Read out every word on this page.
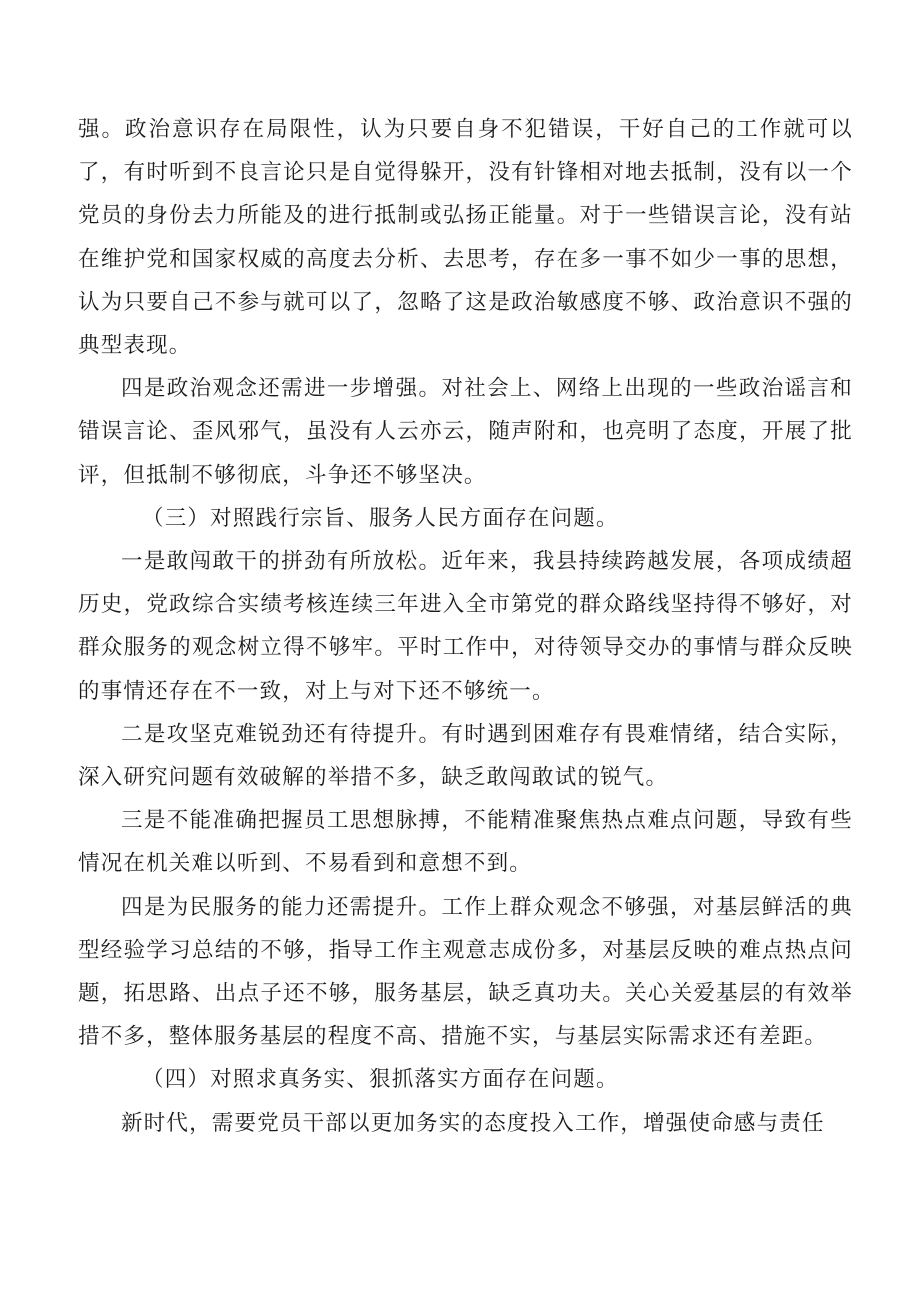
强。政治意识存在局限性，认为只要自身不犯错误，干好自己的工作就可以了，有时听到不良言论只是自觉得躲开，没有针锋相对地去抵制，没有以一个党员的身份去力所能及的进行抵制或弘扬正能量。对于一些错误言论，没有站在维护党和国家权威的高度去分析、去思考，存在多一事不如少一事的思想，认为只要自己不参与就可以了，忽略了这是政治敏感度不够、政治意识不强的典型表现。

四是政治观念还需进一步增强。对社会上、网络上出现的一些政治谣言和错误言论、歪风邪气，虽没有人云亦云，随声附和，也亮明了态度，开展了批评，但抵制不够彻底，斗争还不够坚决。

（三）对照践行宗旨、服务人民方面存在问题。

一是敢闯敢干的拼劲有所放松。近年来，我县持续跨越发展，各项成绩超历史，党政综合实绩考核连续三年进入全市第党的群众路线坚持得不够好，对群众服务的观念树立得不够牢。平时工作中，对待领导交办的事情与群众反映的事情还存在不一致，对上与对下还不够统一。

二是攻坚克难锐劲还有待提升。有时遇到困难存有畏难情绪，结合实际，深入研究问题有效破解的举措不多，缺乏敢闯敢试的锐气。

三是不能准确把握员工思想脉搏，不能精准聚焦热点难点问题，导致有些情况在机关难以听到、不易看到和意想不到。

四是为民服务的能力还需提升。工作上群众观念不够强，对基层鲜活的典型经验学习总结的不够，指导工作主观意志成份多，对基层反映的难点热点问题，拓思路、出点子还不够，服务基层，缺乏真功夫。关心关爱基层的有效举措不多，整体服务基层的程度不高、措施不实，与基层实际需求还有差距。

（四）对照求真务实、狠抓落实方面存在问题。

新时代，需要党员干部以更加务实的态度投入工作，增强使命感与责任
